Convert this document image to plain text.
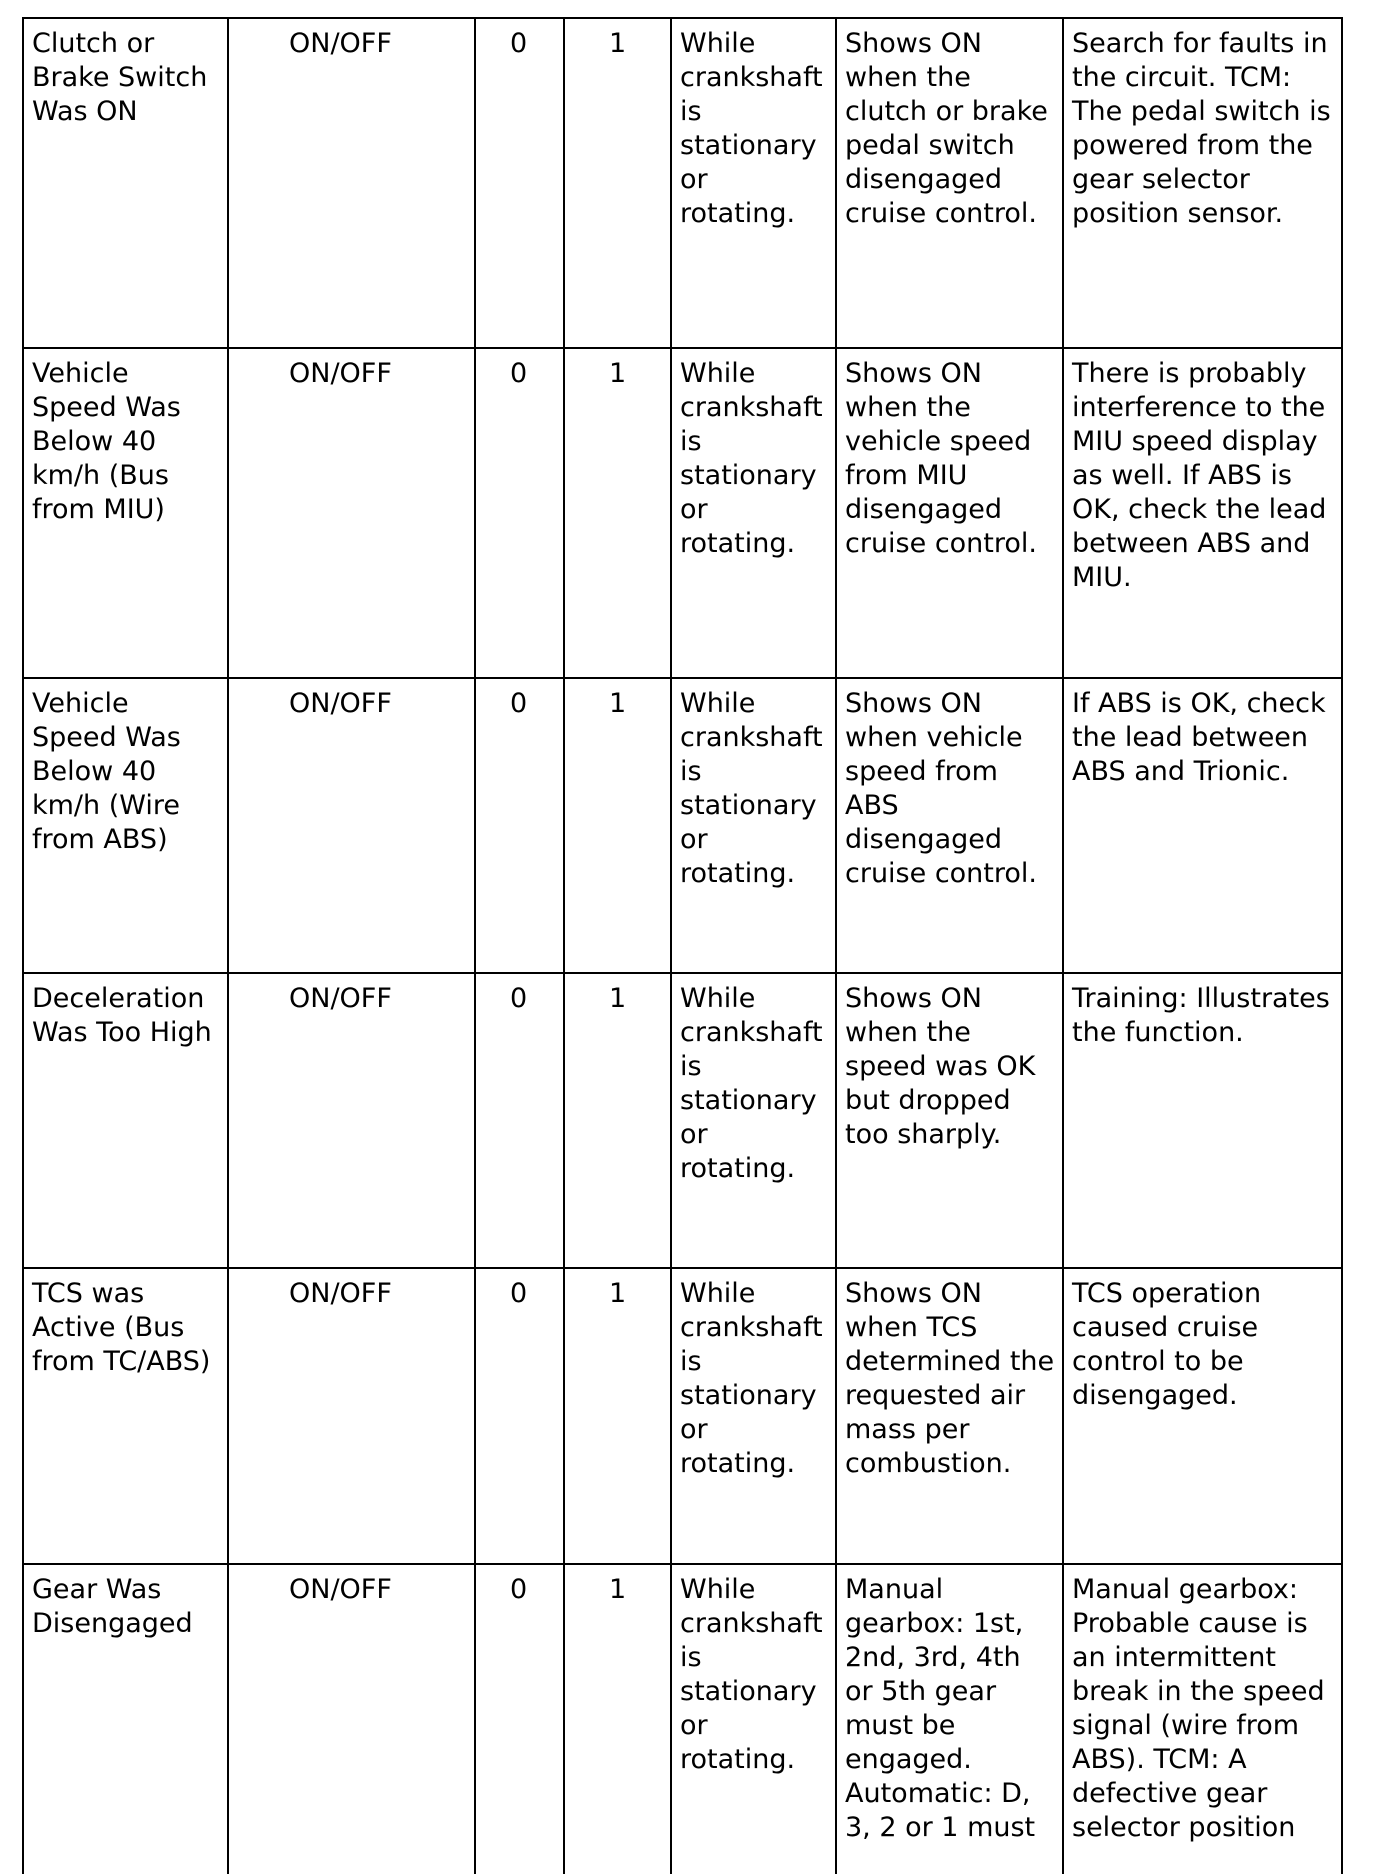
Clutch or Brake Switch Was ON	ON/OFF	0	1	While crankshaft is stationary or rotating.	Shows ON when the clutch or brake pedal switch disengaged cruise control.	Search for faults in the circuit. TCM: The pedal switch is powered from the gear selector position sensor.
Vehicle Speed Was Below 40 km/h (Bus from MIU)	ON/OFF	0	1	While crankshaft is stationary or rotating.	Shows ON when the vehicle speed from MIU disengaged cruise control.	There is probably interference to the MIU speed display as well. If ABS is OK, check the lead between ABS and MIU.
Vehicle Speed Was Below 40 km/h (Wire from ABS)	ON/OFF	0	1	While crankshaft is stationary or rotating.	Shows ON when vehicle speed from ABS disengaged cruise control.	If ABS is OK, check the lead between ABS and Trionic.
Deceleration Was Too High	ON/OFF	0	1	While crankshaft is stationary or rotating.	Shows ON when the speed was OK but dropped too sharply.	Training: Illustrates the function.
TCS was Active (Bus from TC/ABS)	ON/OFF	0	1	While crankshaft is stationary or rotating.	Shows ON when TCS determined the requested air mass per combustion.	TCS operation caused cruise control to be disengaged.
Gear Was Disengaged	ON/OFF	0	1	While crankshaft is stationary or rotating.	Manual gearbox: 1st, 2nd, 3rd, 4th or 5th gear must be engaged. Automatic: D, 3, 2 or 1 must	Manual gearbox: Probable cause is an intermittent break in the speed signal (wire from ABS). TCM: A defective gear selector position
